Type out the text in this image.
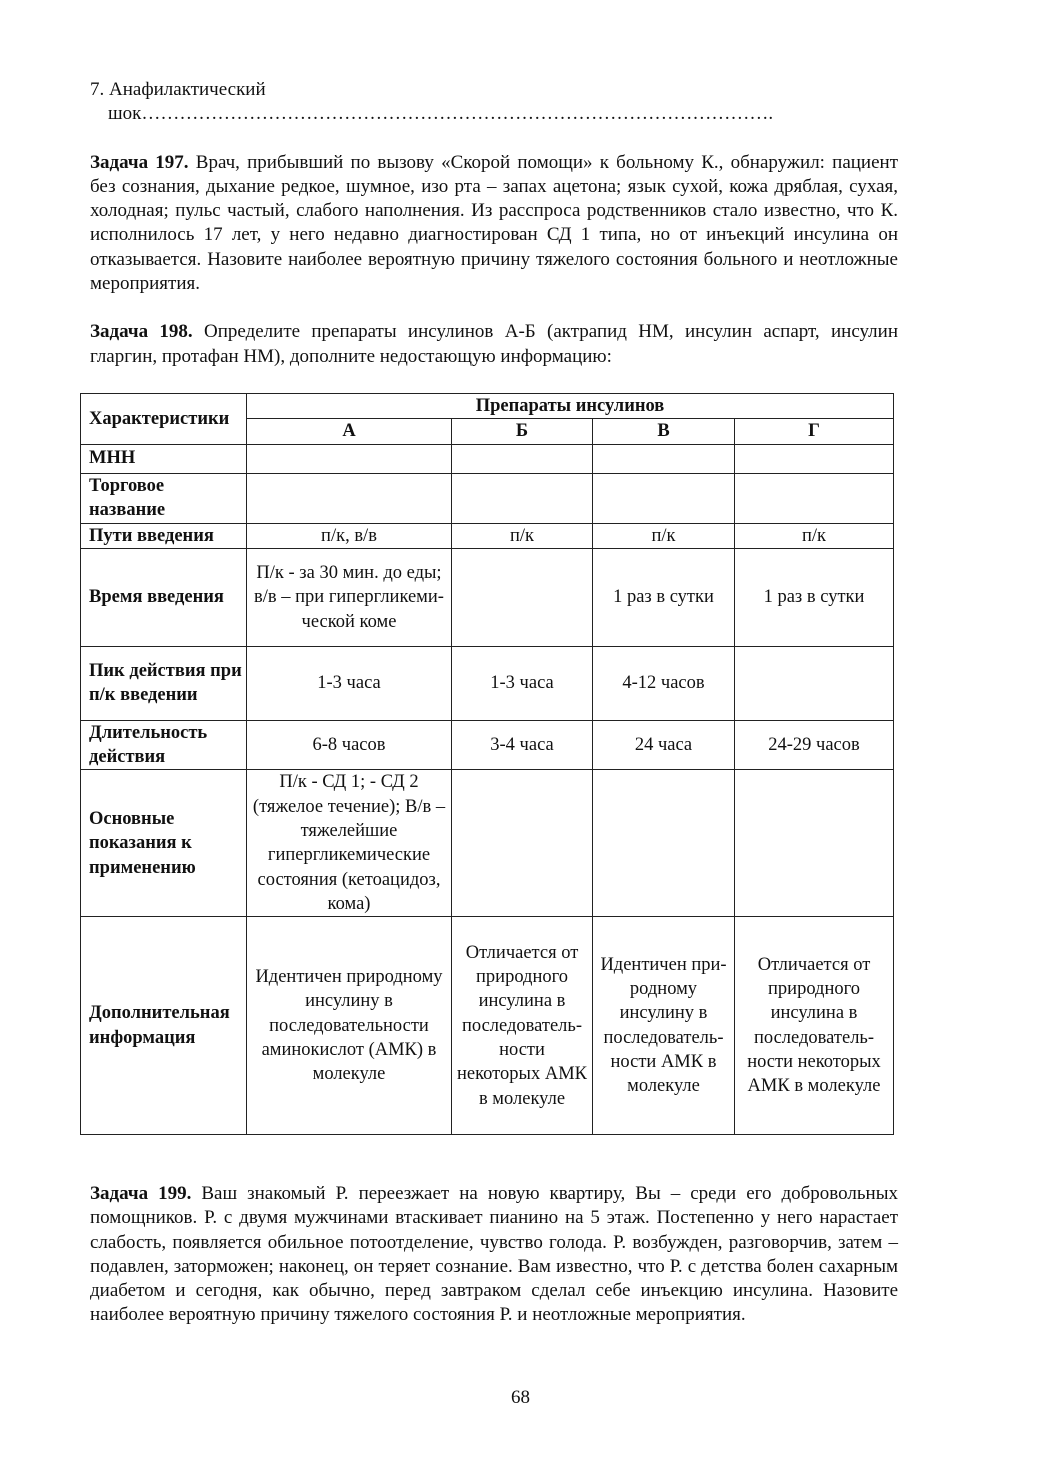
7. Анафилактический

шок……………………………………………………………………………………….

Задача 197. Врач, прибывший по вызову «Скорой помощи» к больному К., обнаружил: пациент без сознания, дыхание редкое, шумное, изо рта – запах ацетона; язык сухой, кожа дряблая, сухая, холодная; пульс частый, слабого наполнения. Из расспроса родственников стало известно, что К. исполнилось 17 лет, у него недавно диагностирован СД 1 типа, но от инъекций инсулина он отказывается. Назовите наиболее вероятную причину тяжелого состояния больного и неотложные мероприятия.

Задача 198. Определите препараты инсулинов А-Б (актрапид НМ, инсулин аспарт, инсулин гларгин, протафан НМ), дополните недостающую информацию:

Характеристики	Препараты инсулинов			
	А	Б	В	Г
МНН				
Торговое название				
Пути введения	п/к, в/в	п/к	п/к	п/к
Время введения	П/к - за 30 мин. до еды; в/в – при гипергликеми-ческой коме		1 раз в сутки	1 раз в сутки
Пик действия при п/к введении	1-3 часа	1-3 часа	4-12 часов	
Длительность действия	6-8 часов	3-4 часа	24 часа	24-29 часов
Основные показания к применению	П/к - СД 1; - СД 2 (тяжелое течение); В/в – тяжелейшие гипергликемические состояния (кетоацидоз, кома)			
Дополнительная информация	Идентичен природному инсулину в последовательности аминокислот (АМК) в молекуле	Отличается от природного инсулина в последователь-ности некоторых АМК в молекуле	Идентичен при-родному инсулину в последователь-ности АМК в молекуле	Отличается от природного инсулина в последователь-ности некоторых АМК в молекуле

Задача 199. Ваш знакомый Р. переезжает на новую квартиру, Вы – среди его добровольных помощников. Р. с двумя мужчинами втаскивает пианино на 5 этаж. Постепенно у него нарастает слабость, появляется обильное потоотделение, чувство голода. Р. возбужден, разговорчив, затем – подавлен, заторможен; наконец, он теряет сознание. Вам известно, что Р. с детства болен сахарным диабетом и сегодня, как обычно, перед завтраком сделал себе инъекцию инсулина. Назовите наиболее вероятную причину тяжелого состояния Р. и неотложные мероприятия.

68
